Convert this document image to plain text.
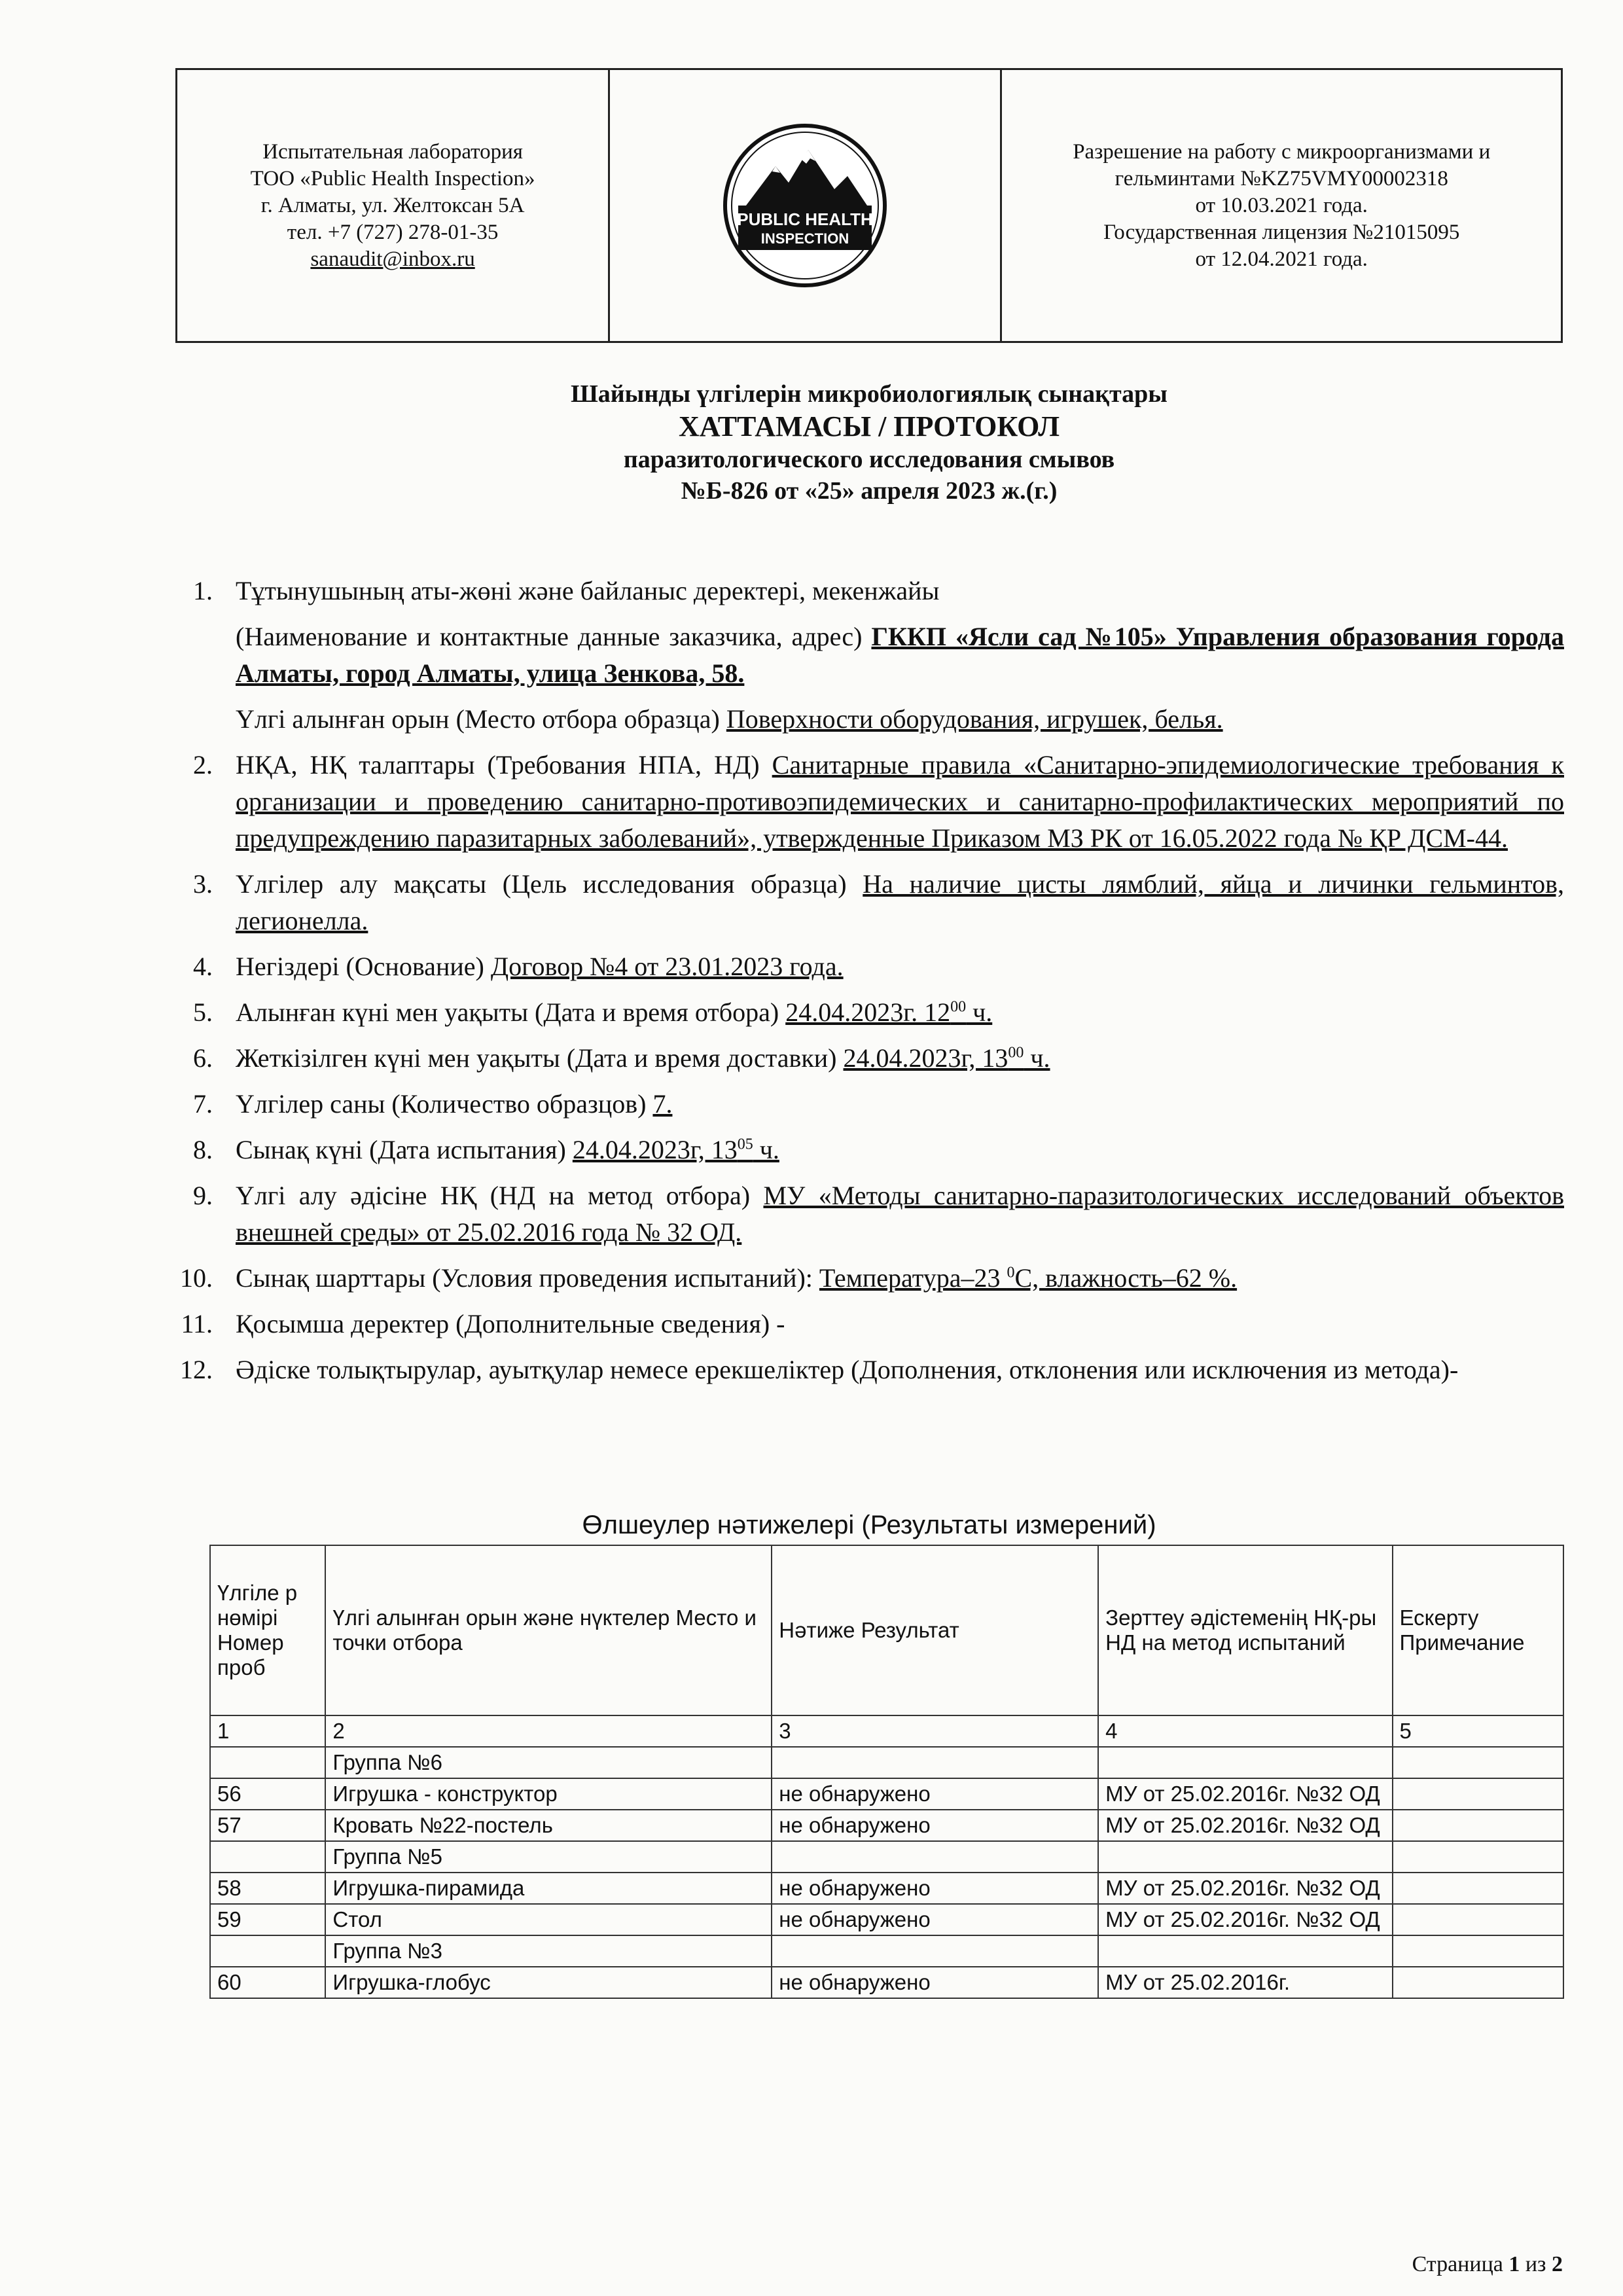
Испытательная лаборатория
ТОО «Public Health Inspection»
г. Алматы, ул. Желтоксан 5А
тел. +7 (727) 278-01-35
sanaudit@inbox.ru

PUBLIC HEALTH
INSPECTION

Разрешение на работу с микроорганизмами и
гельминтами №KZ75VMY00002318
от 10.03.2021 года.
Государственная лицензия №21015095
от 12.04.2021 года.
Шайынды үлгілерін микробиологиялық сынақтары
ХАТТАМАСЫ / ПРОТОКОЛ
паразитологического исследования смывов
№Б-826 от «25» апреля 2023 ж.(г.)
1. Тұтынушының аты-жөні және байланыс деректері, мекенжайы
(Наименование и контактные данные заказчика, адрес) ГККП «Ясли сад №105» Управления образования города Алматы, город Алматы, улица Зенкова, 58.
Үлгі алынған орын (Место отбора образца) Поверхности оборудования, игрушек, белья.
2. НҚА, НҚ талаптары (Требования НПА, НД) Санитарные правила «Санитарно-эпидемиологические требования к организации и проведению санитарно-противоэпидемических и санитарно-профилактических мероприятий по предупреждению паразитарных заболеваний», утвержденные Приказом МЗ РК от 16.05.2022 года № ҚР ДСМ-44.
3. Үлгілер алу мақсаты (Цель исследования образца) На наличие цисты лямблий, яйца и личинки гельминтов, легионелла.
4. Негіздері (Основание) Договор №4 от 23.01.2023 года.
5. Алынған күні мен уақыты (Дата и время отбора) 24.04.2023г. $12^{00}$ ч.
6. Жеткізілген күні мен уақыты (Дата и время доставки) 24.04.2023г, $13^{00}$ ч.
7. Үлгілер саны (Количество образцов) 7.
8. Сынақ күні (Дата испытания) 24.04.2023г, $13^{05}$ ч.
9. Үлгі алу әдісіне НҚ (НД на метод отбора) МУ «Методы санитарно-паразитологических исследований объектов внешней среды» от 25.02.2016 года № 32 ОД.
10. Сынақ шарттары (Условия проведения испытаний): Температура–23 $^0$С, влажность–62 %.
11. Қосымша деректер (Дополнительные сведения) -
12. Әдіске толықтырулар, ауытқулар немесе ерекшеліктер (Дополнения, отклонения или исключения из метода)-
Өлшеулер нәтижелері (Результаты измерений)
Үлгіле р нөмірі Номер проб	Үлгі алынған орын және нүктелер Место и точки отбора	Нәтиже Результат	Зерттеу әдістеменің НҚ-ры НД на метод испытаний	Ескерту Примечание
1	2	3	4	5
	Группа №6			
56	Игрушка - конструктор	не обнаружено	МУ от 25.02.2016г. №32 ОД	
57	Кровать №22-постель	не обнаружено	МУ от 25.02.2016г. №32 ОД	
	Группа №5			
58	Игрушка-пирамида	не обнаружено	МУ от 25.02.2016г. №32 ОД	
59	Стол	не обнаружено	МУ от 25.02.2016г. №32 ОД	
	Группа №3			
60	Игрушка-глобус	не обнаружено	МУ от 25.02.2016г.	
Страница 1 из 2
